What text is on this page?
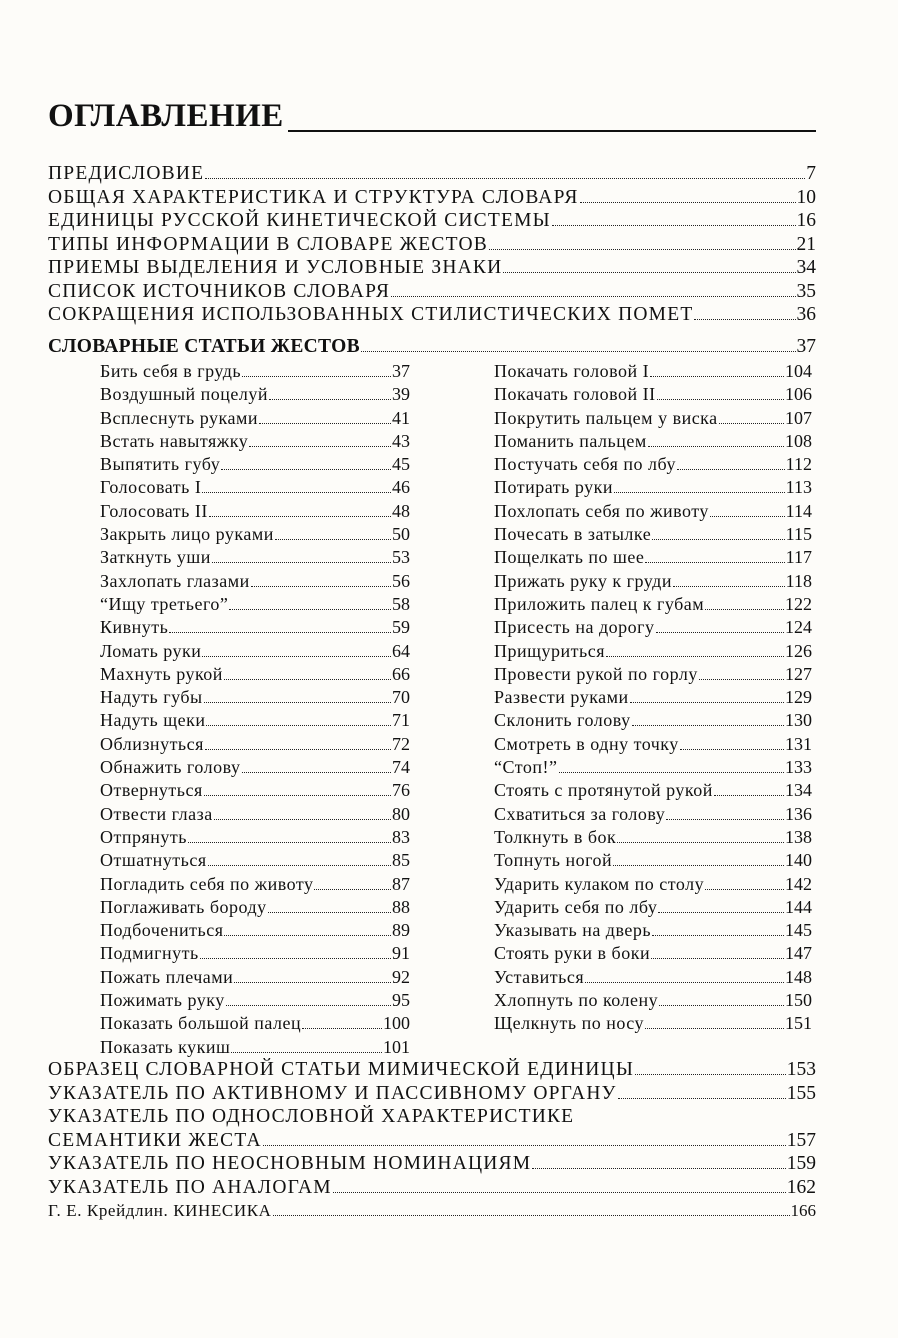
ОГЛАВЛЕНИЕ
ПРЕДИСЛОВИЕ	7
ОБЩАЯ ХАРАКТЕРИСТИКА И СТРУКТУРА СЛОВАРЯ	10
ЕДИНИЦЫ РУССКОЙ КИНЕТИЧЕСКОЙ СИСТЕМЫ	16
ТИПЫ ИНФОРМАЦИИ В СЛОВАРЕ ЖЕСТОВ	21
ПРИЕМЫ ВЫДЕЛЕНИЯ И УСЛОВНЫЕ ЗНАКИ	34
СПИСОК ИСТОЧНИКОВ СЛОВАРЯ	35
СОКРАЩЕНИЯ ИСПОЛЬЗОВАННЫХ СТИЛИСТИЧЕСКИХ ПОМЕТ	36
СЛОВАРНЫЕ СТАТЬИ ЖЕСТОВ	37
Бить себя в грудь	37
Воздушный поцелуй	39
Всплеснуть руками	41
Встать навытяжку	43
Выпятить губу	45
Голосовать I	46
Голосовать II	48
Закрыть лицо руками	50
Заткнуть уши	53
Захлопать глазами	56
“Ищу третьего”	58
Кивнуть	59
Ломать руки	64
Махнуть рукой	66
Надуть губы	70
Надуть щеки	71
Облизнуться	72
Обнажить голову	74
Отвернуться	76
Отвести глаза	80
Отпрянуть	83
Отшатнуться	85
Погладить себя по животу	87
Поглаживать бороду	88
Подбочениться	89
Подмигнуть	91
Пожать плечами	92
Пожимать руку	95
Показать большой палец	100
Показать кукиш	101
Покачать головой I	104
Покачать головой II	106
Покрутить пальцем у виска	107
Поманить пальцем	108
Постучать себя по лбу	112
Потирать руки	113
Похлопать себя по животу	114
Почесать в затылке	115
Пощелкать по шее	117
Прижать руку к груди	118
Приложить палец к губам	122
Присесть на дорогу	124
Прищуриться	126
Провести рукой по горлу	127
Развести руками	129
Склонить голову	130
Смотреть в одну точку	131
“Стоп!”	133
Стоять с протянутой рукой	134
Схватиться за голову	136
Толкнуть в бок	138
Топнуть ногой	140
Ударить кулаком по столу	142
Ударить себя по лбу	144
Указывать на дверь	145
Стоять руки в боки	147
Уставиться	148
Хлопнуть по колену	150
Щелкнуть по носу	151
ОБРАЗЕЦ СЛОВАРНОЙ СТАТЬИ МИМИЧЕСКОЙ ЕДИНИЦЫ	153
УКАЗАТЕЛЬ ПО АКТИВНОМУ И ПАССИВНОМУ ОРГАНУ	155
УКАЗАТЕЛЬ ПО ОДНОСЛОВНОЙ ХАРАКТЕРИСТИКЕ
СЕМАНТИКИ ЖЕСТА	157
УКАЗАТЕЛЬ ПО НЕОСНОВНЫМ НОМИНАЦИЯМ	159
УКАЗАТЕЛЬ ПО АНАЛОГАМ	162
Г. Е. Крейдлин. КИНЕСИКА	166
